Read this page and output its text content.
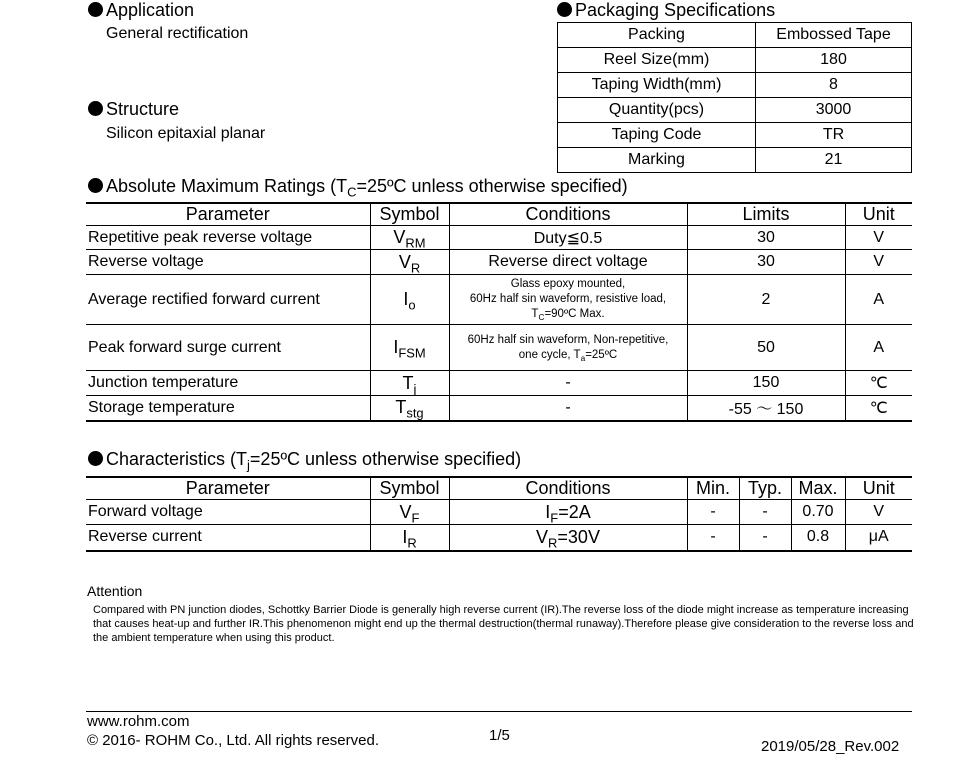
Application
General rectification
Structure
Silicon epitaxial planar
Packaging Specifications
Packing	Embossed Tape
Reel Size(mm)	180
Taping Width(mm)	8
Quantity(pcs)	3000
Taping Code	TR
Marking	21
Absolute Maximum Ratings ($T_C=25ºC$ unless otherwise specified)
Parameter	Symbol	Conditions	Limits	Unit
Repetitive peak reverse voltage	$V_{RM}$	Duty≦0.5	30	V
Reverse voltage	$V_R$	Reverse direct voltage	30	V
Average rectified forward current	$I_o$	Glass epoxy mounted,
60Hz half sin waveform, resistive load,
$T_C=90ºC$ Max.	2	A
Peak forward surge current	$I_{FSM}$	60Hz half sin waveform, Non-repetitive,
one cycle, $T_a=25ºC$	50	A
Junction temperature	$T_j$	-	150	℃
Storage temperature	$T_{stg}$	-	-55 ～ 150	℃
Characteristics ($T_j=25ºC$ unless otherwise specified)
Parameter	Symbol	Conditions	Min.	Typ.	Max.	Unit
Forward voltage	$V_F$	$I_F=2A$	-	-	0.70	V
Reverse current	$I_R$	$V_R=30V$	-	-	0.8	μA
Attention
Compared with PN junction diodes, Schottky Barrier Diode is generally high reverse current (IR).The reverse loss of the diode might increase as temperature increasing that causes heat-up and further IR.This phenomenon might end up the thermal destruction(thermal runaway).Therefore please give consideration to the reverse loss and the ambient temperature when using this product.
www.rohm.com
© 2016- ROHM Co., Ltd. All rights reserved.	1/5
2019/05/28_Rev.002
